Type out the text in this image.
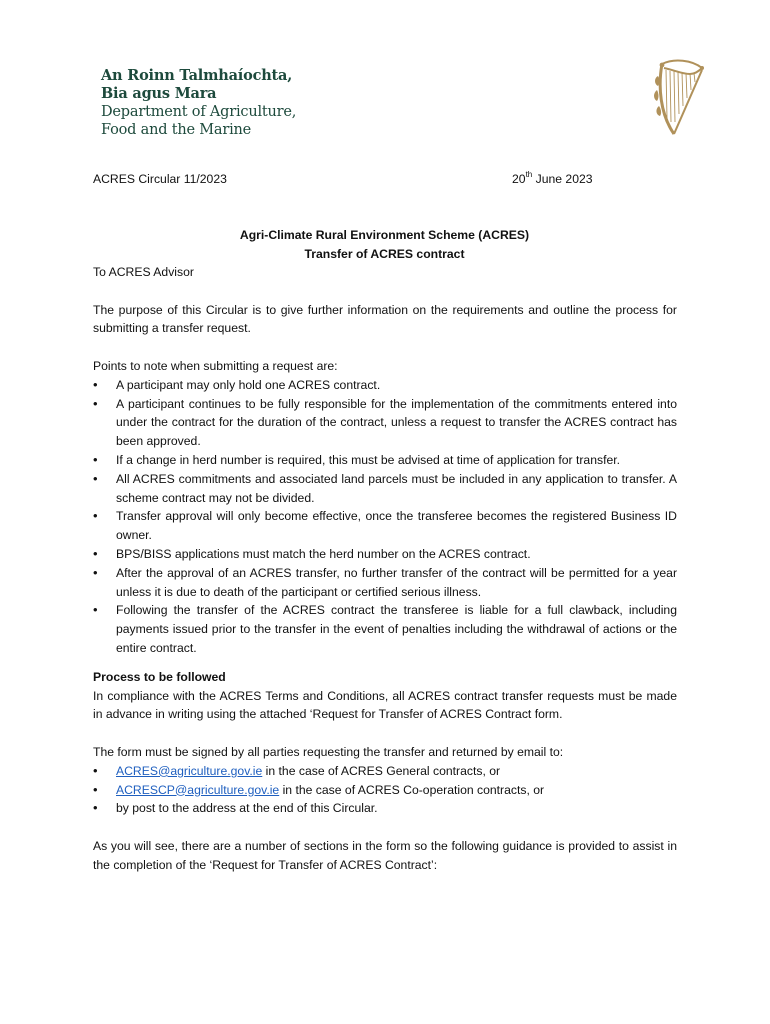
An Roinn Talmhaíochta,
Bia agus Mara
Department of Agriculture,
Food and the Marine
ACRES Circular 11/2023	20th June 2023
Agri-Climate Rural Environment Scheme (ACRES)
Transfer of ACRES contract

To ACRES Advisor

The purpose of this Circular is to give further information on the requirements and outline the process for submitting a transfer request.

Points to note when submitting a request are:

• A participant may only hold one ACRES contract.
• A participant continues to be fully responsible for the implementation of the commitments entered into under the contract for the duration of the contract, unless a request to transfer the ACRES contract has been approved.
• If a change in herd number is required, this must be advised at time of application for transfer.
• All ACRES commitments and associated land parcels must be included in any application to transfer. A scheme contract may not be divided.
• Transfer approval will only become effective, once the transferee becomes the registered Business ID owner.
• BPS/BISS applications must match the herd number on the ACRES contract.
• After the approval of an ACRES transfer, no further transfer of the contract will be permitted for a year unless it is due to death of the participant or certified serious illness.
• Following the transfer of the ACRES contract the transferee is liable for a full clawback, including payments issued prior to the transfer in the event of penalties including the withdrawal of actions or the entire contract.

Process to be followed

In compliance with the ACRES Terms and Conditions, all ACRES contract transfer requests must be made in advance in writing using the attached ‘Request for Transfer of ACRES Contract form.

The form must be signed by all parties requesting the transfer and returned by email to:

• ACRES@agriculture.gov.ie in the case of ACRES General contracts, or
• ACRESCP@agriculture.gov.ie in the case of ACRES Co-operation contracts, or
• by post to the address at the end of this Circular.

As you will see, there are a number of sections in the form so the following guidance is provided to assist in the completion of the ‘Request for Transfer of ACRES Contract’:
